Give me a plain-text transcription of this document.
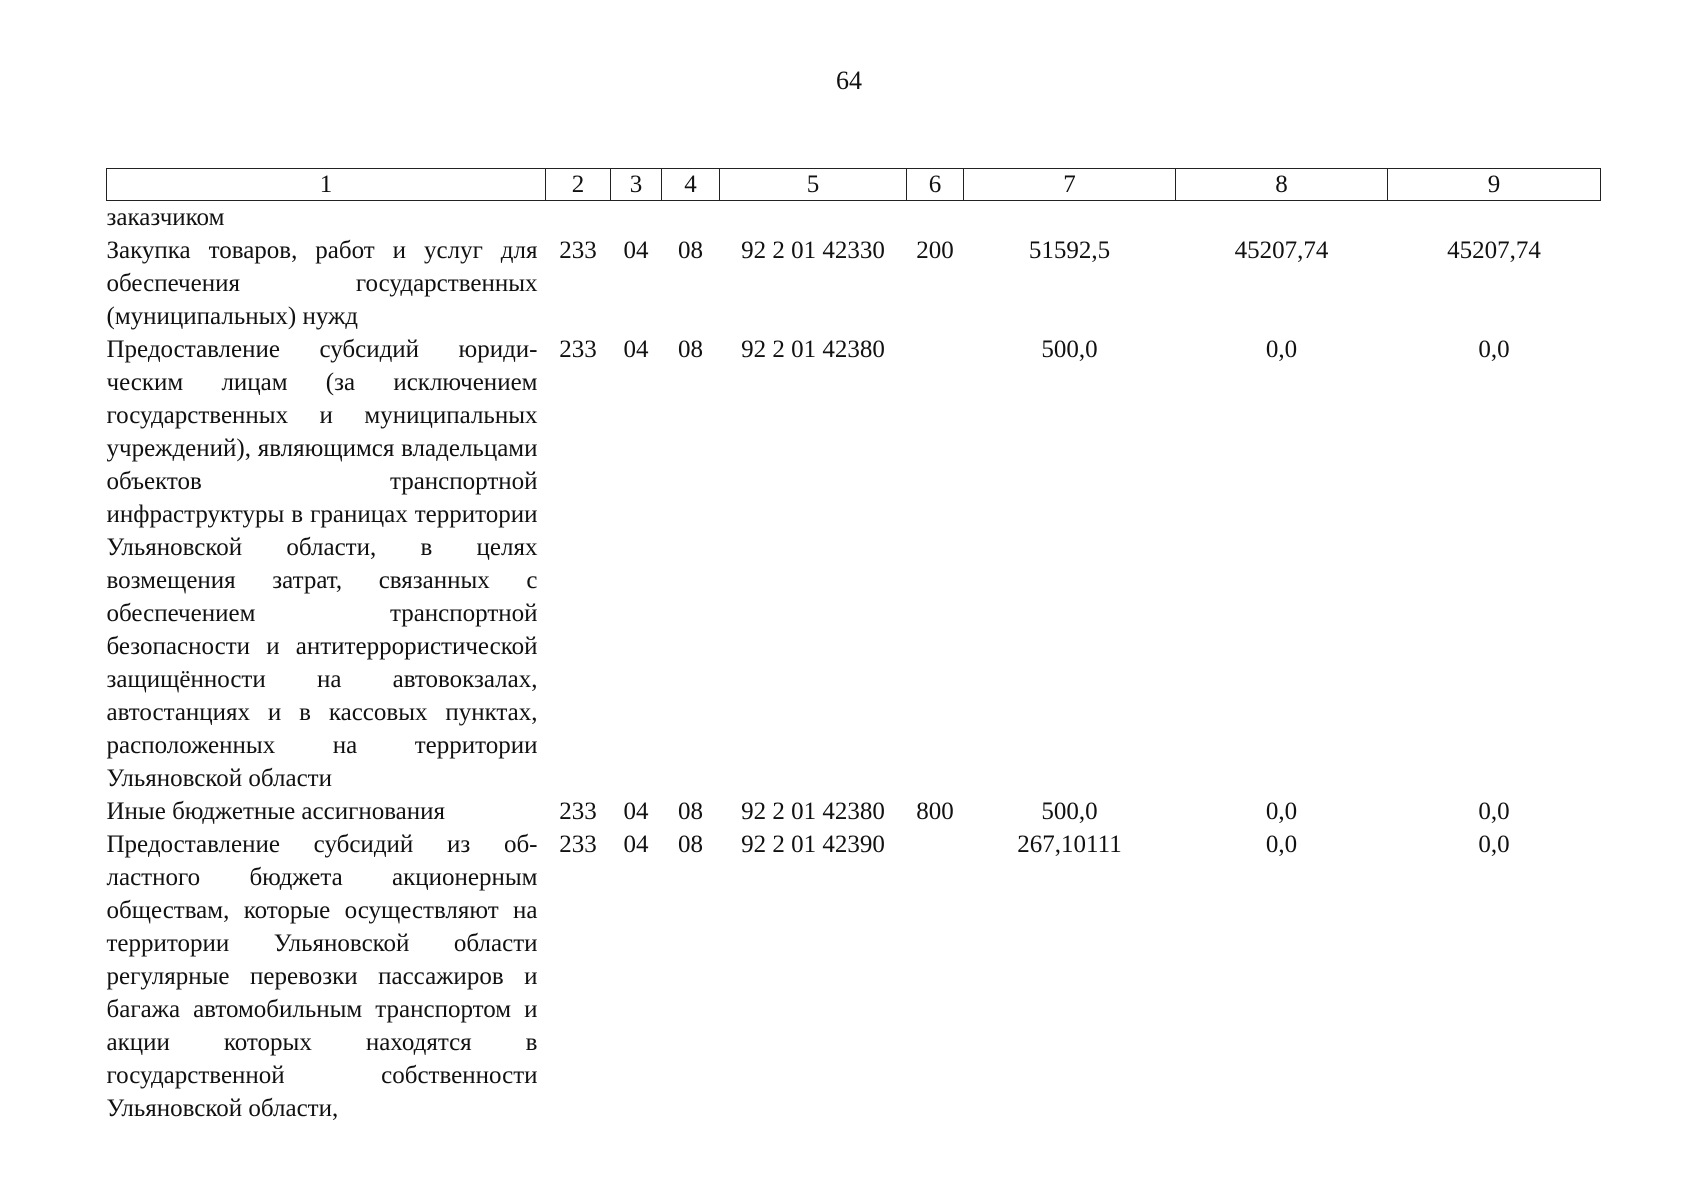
64
1	2	3	4	5	6	7	8	9
заказчиком								
Закупка товаров, работ и услуг для обеспечения государственных (муниципальных) нужд	233	04	08	92 2 01 42330	200	51592,5	45207,74	45207,74
Предоставление субсидий юридическим лицам (за исключением государственных и муниципальных учреждений), являющимся владельцами объектов транспортной инфраструктуры в границах территории Ульяновской области, в целях возмещения затрат, связанных с обеспечением транспортной безопасности и антитеррористической защищённости на автовокзалах, автостанциях и в кассовых пунктах, расположенных на территории Ульяновской области	233	04	08	92 2 01 42380		500,0	0,0	0,0
Иные бюджетные ассигнования	233	04	08	92 2 01 42380	800	500,0	0,0	0,0
Предоставление субсидий из областного бюджета акционерным обществам, которые осуществляют на территории Ульяновской области регулярные перевозки пассажиров и багажа автомобильным транспортом и акции которых находятся в государственной собственности Ульяновской области,	233	04	08	92 2 01 42390		267,10111	0,0	0,0
